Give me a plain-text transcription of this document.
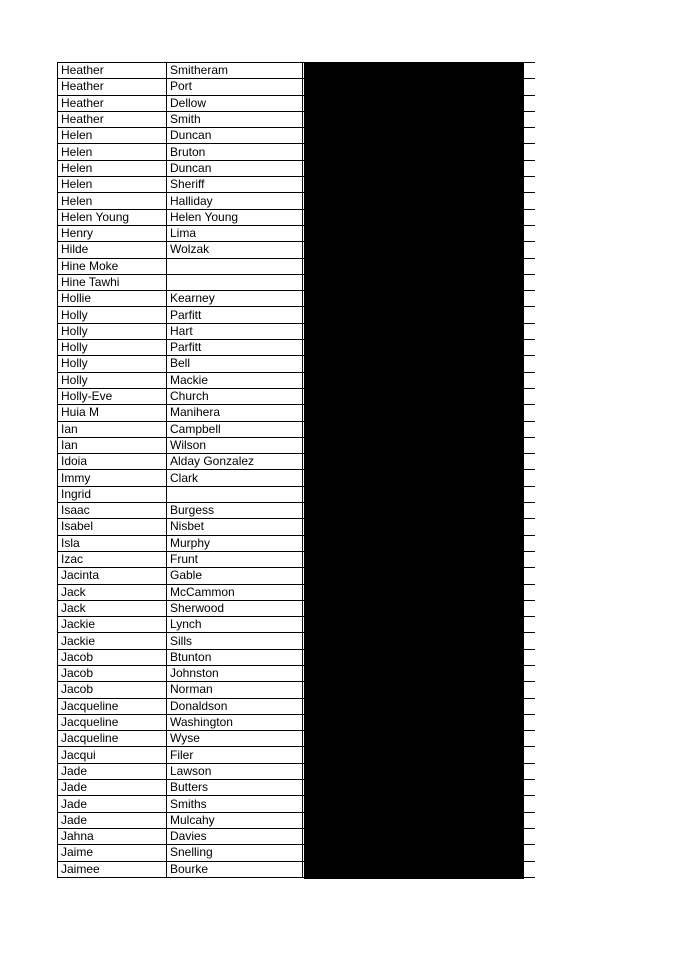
Heather	Smitheram	
Heather	Port	
Heather	Dellow	
Heather	Smith	
Helen	Duncan	
Helen	Bruton	
Helen	Duncan	
Helen	Sheriff	
Helen	Halliday	
Helen Young	Helen Young	
Henry	Lima	
Hilde	Wolzak	
Hine Moke		
Hine Tawhi		
Hollie	Kearney	
Holly	Parfitt	
Holly	Hart	
Holly	Parfitt	
Holly	Bell	
Holly	Mackie	
Holly-Eve	Church	
Huia M	Manihera	
Ian	Campbell	
Ian	Wilson	
Idoia	Alday Gonzalez	
Immy	Clark	
Ingrid		
Isaac	Burgess	
Isabel	Nisbet	
Isla	Murphy	
Izac	Frunt	
Jacinta	Gable	
Jack	McCammon	
Jack	Sherwood	
Jackie	Lynch	
Jackie	Sills	
Jacob	Btunton	
Jacob	Johnston	
Jacob	Norman	
Jacqueline	Donaldson	
Jacqueline	Washington	
Jacqueline	Wyse	
Jacqui	Filer	
Jade	Lawson	
Jade	Butters	
Jade	Smiths	
Jade	Mulcahy	
Jahna	Davies	
Jaime	Snelling	
Jaimee	Bourke	
